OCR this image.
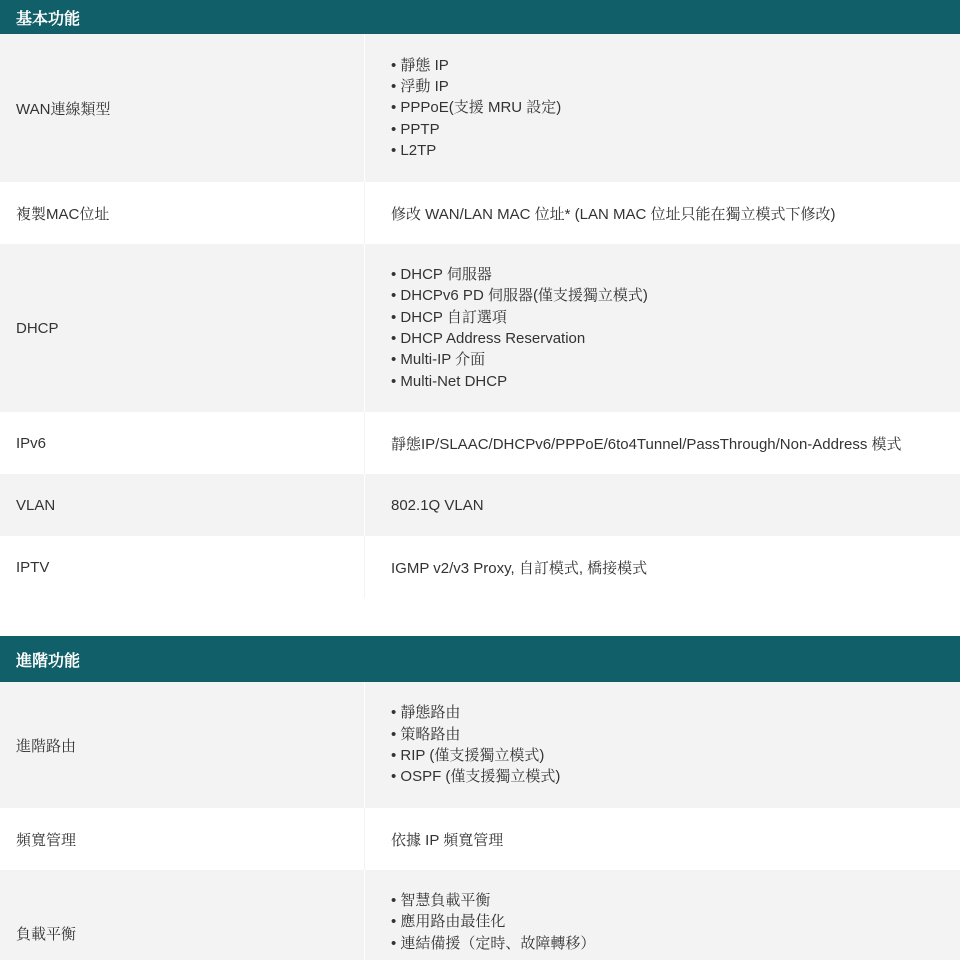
基本功能
WAN連線類型
• 靜態 IP
• 浮動 IP
• PPPoE(支援 MRU 設定)
• PPTP
• L2TP
複製MAC位址	修改 WAN/LAN MAC 位址* (LAN MAC 位址只能在獨立模式下修改)
DHCP
• DHCP 伺服器
• DHCPv6 PD 伺服器(僅支援獨立模式)
• DHCP 自訂選項
• DHCP Address Reservation
• Multi-IP 介面
• Multi-Net DHCP
IPv6	靜態IP/SLAAC/DHCPv6/PPPoE/6to4Tunnel/PassThrough/Non-Address 模式
VLAN	802.1Q VLAN
IPTV	IGMP v2/v3 Proxy, 自訂模式, 橋接模式
進階功能
進階路由
• 靜態路由
• 策略路由
• RIP (僅支援獨立模式)
• OSPF (僅支援獨立模式)
頻寬管理	依據 IP 頻寬管理
負載平衡
• 智慧負載平衡
• 應用路由最佳化
• 連結備援（定時、故障轉移）
